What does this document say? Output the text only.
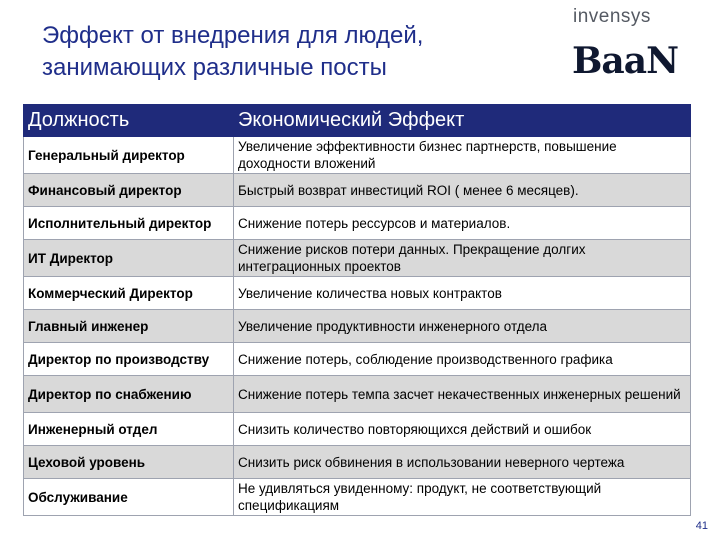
Эффект от внедрения для людей,
занимающих различные посты
invensys
BaaN
Должность	Экономический Эффект
Генеральный директор	Увеличение эффективности бизнес партнерств, повышение доходности вложений
Финансовый директор	Быстрый возврат инвестиций ROI ( менее 6 месяцев).
Исполнительный директор	Снижение потерь рессурсов и материалов.
ИТ Директор	Снижение рисков потери данных. Прекращение долгих интеграционных проектов
Коммерческий Директор	Увеличение количества новых контрактов
Главный инженер	Увеличение продуктивности инженерного отдела
Директор по производству	Снижение потерь, соблюдение производственного графика
Директор по снабжению	Снижение потерь темпа засчет некачественных инженерных решений
Инженерный отдел	Снизить количество повторяющихся действий и ошибок
Цеховой уровень	Снизить риск обвинения в использовании неверного чертежа
Обслуживание	Не удивляться увиденному: продукт, не соответствующий спецификациям
41
